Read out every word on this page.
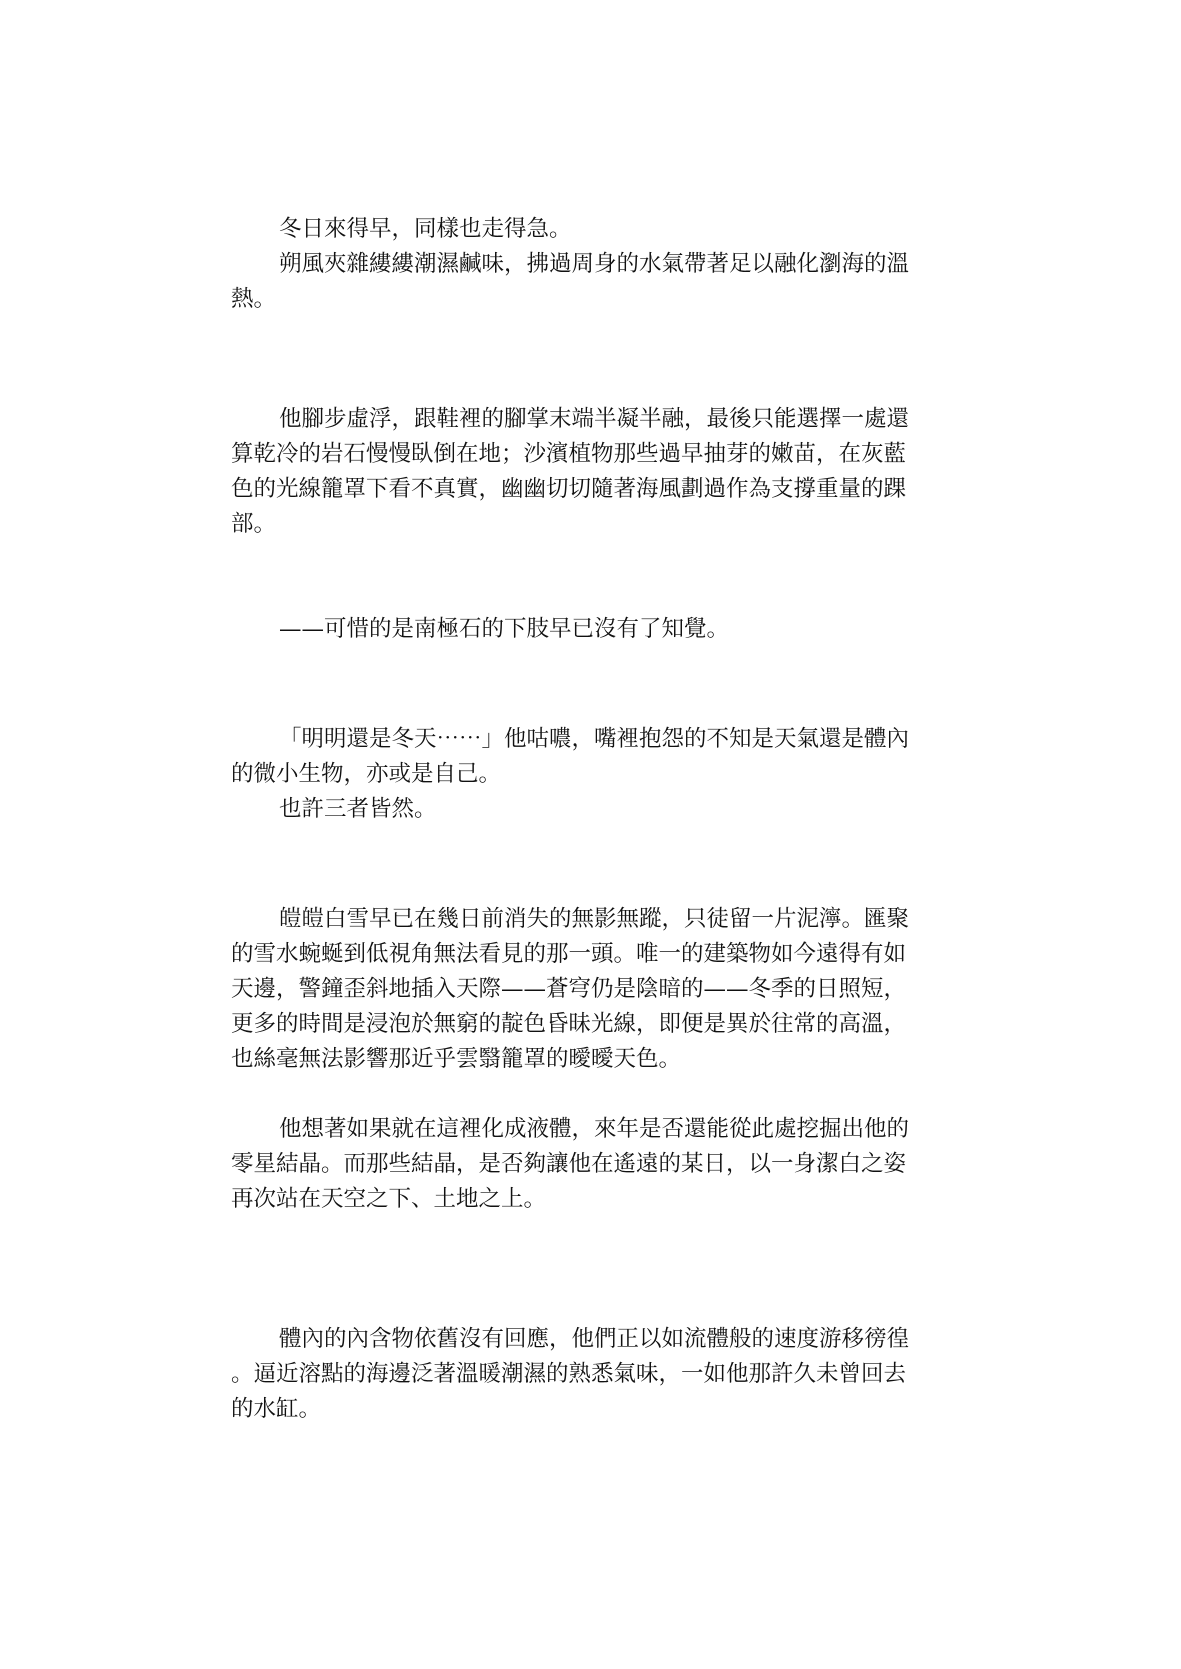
冬日來得早，同樣也走得急。
朔風夾雜縷縷潮濕鹹味，拂過周身的水氣帶著足以融化瀏海的溫
熱。
他腳步虛浮，跟鞋裡的腳掌末端半凝半融，最後只能選擇一處還
算乾冷的岩石慢慢臥倒在地；沙濱植物那些過早抽芽的嫩苗，在灰藍
色的光線籠罩下看不真實，幽幽切切隨著海風劃過作為支撐重量的踝
部。
——可惜的是南極石的下肢早已沒有了知覺。
「明明還是冬天⋯⋯」他咕噥，嘴裡抱怨的不知是天氣還是體內
的微小生物，亦或是自己。
也許三者皆然。
皚皚白雪早已在幾日前消失的無影無蹤，只徒留一片泥濘。匯聚
的雪水蜿蜒到低視角無法看見的那一頭。唯一的建築物如今遠得有如
天邊，警鐘歪斜地插入天際——蒼穹仍是陰暗的——冬季的日照短，
更多的時間是浸泡於無窮的靛色昏昧光線，即便是異於往常的高溫，
也絲毫無法影響那近乎雲翳籠罩的曖曖天色。
他想著如果就在這裡化成液體，來年是否還能從此處挖掘出他的
零星結晶。而那些結晶，是否夠讓他在遙遠的某日，以一身潔白之姿
再次站在天空之下、土地之上。
體內的內含物依舊沒有回應，他們正以如流體般的速度游移徬徨
。逼近溶點的海邊泛著溫暖潮濕的熟悉氣味，一如他那許久未曾回去
的水缸。
